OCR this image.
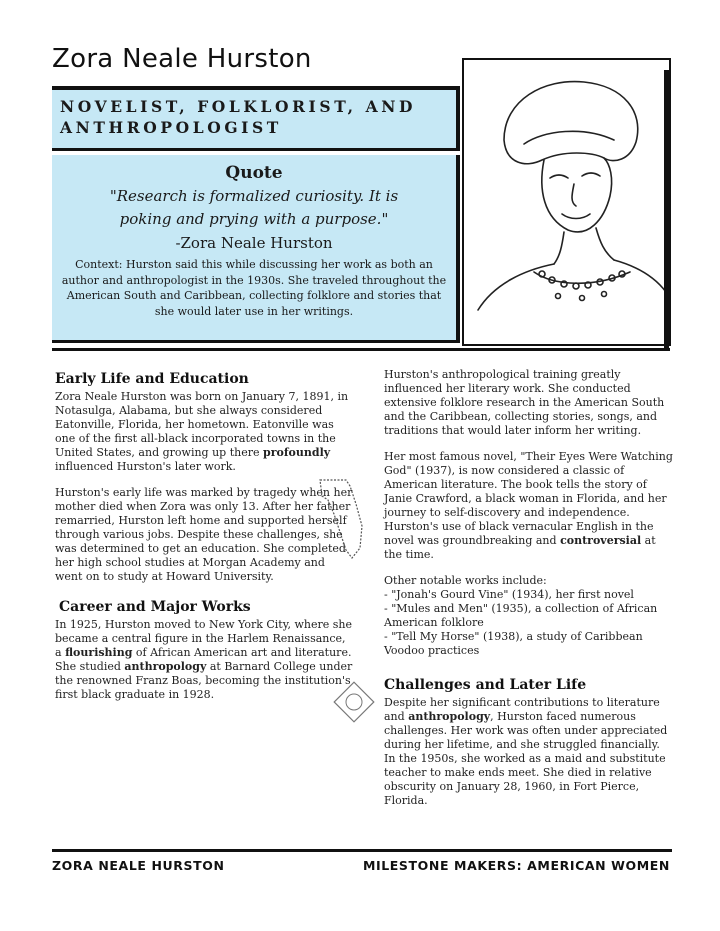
Zora Neale Hurston
NOVELIST, FOLKLORIST, AND
ANTHROPOLOGIST
Quote
"Research is formalized curiosity. It is
poking and prying with a purpose."
-Zora Neale Hurston
Context: Hurston said this while discussing her work as both an author and anthropologist in the 1930s. She traveled throughout the American South and Caribbean, collecting folklore and stories that she would later use in her writings.
Early Life and Education

Zora Neale Hurston was born on January 7, 1891, in Notasulga, Alabama, but she always considered Eatonville, Florida, her hometown. Eatonville was one of the first all-black incorporated towns in the United States, and growing up there profoundly influenced Hurston's later work.

Hurston's early life was marked by tragedy when her mother died when Zora was only 13. After her father remarried, Hurston left home and supported herself through various jobs. Despite these challenges, she was determined to get an education. She completed her high school studies at Morgan Academy and went on to study at Howard University.

Career and Major Works

In 1925, Hurston moved to New York City, where she became a central figure in the Harlem Renaissance, a flourishing of African American art and literature. She studied anthropology at Barnard College under the renowned Franz Boas, becoming the institution's first black graduate in 1928.

Hurston's anthropological training greatly influenced her literary work. She conducted extensive folklore research in the American South and the Caribbean, collecting stories, songs, and traditions that would later inform her writing.

Her most famous novel, "Their Eyes Were Watching God" (1937), is now considered a classic of American literature. The book tells the story of Janie Crawford, a black woman in Florida, and her journey to self-discovery and independence. Hurston's use of black vernacular English in the novel was groundbreaking and controversial at the time.

Other notable works include:
- "Jonah's Gourd Vine" (1934), her first novel
- "Mules and Men" (1935), a collection of African American folklore
- "Tell My Horse" (1938), a study of Caribbean Voodoo practices

Challenges and Later Life

Despite her significant contributions to literature and anthropology, Hurston faced numerous challenges. Her work was often under appreciated during her lifetime, and she struggled financially. In the 1950s, she worked as a maid and substitute teacher to make ends meet. She died in relative obscurity on January 28, 1960, in Fort Pierce, Florida.

ZORA NEALE HURSTON	MILESTONE MAKERS: AMERICAN WOMEN
